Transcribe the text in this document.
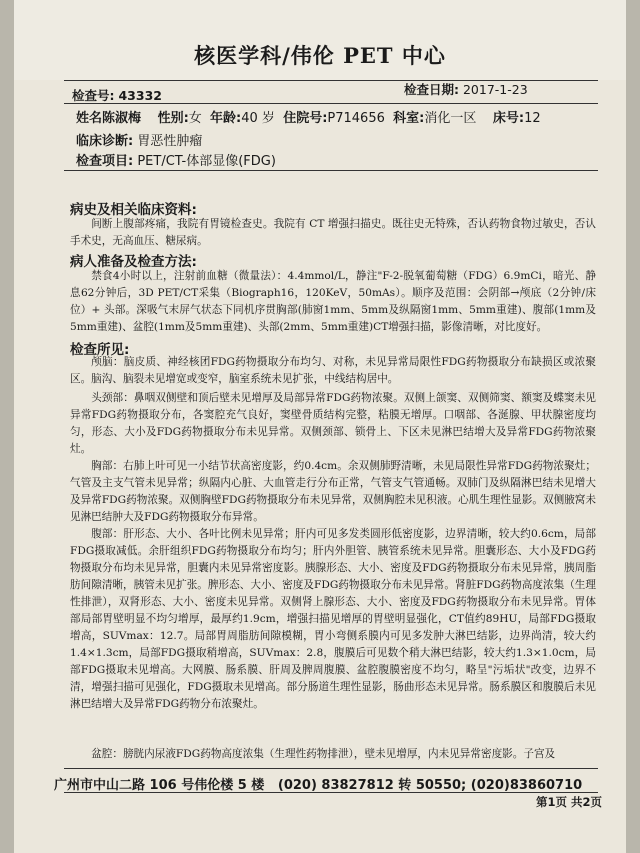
核医学科/伟伦 PET 中心
检查号: 43332	检查日期: 2017-1-23
姓名陈淑梅 性别:女 年龄:40 岁 住院号:P714656 科室:消化一区 床号:12
临床诊断: 胃恶性肿瘤
检查项目: PET/CT-体部显像(FDG)
病史及相关临床资料:
间断上腹部疼痛，我院有胃镜检查史。我院有 CT 增强扫描史。既往史无特殊，否认药物食物过敏史，否认手术史，无高血压、糖尿病。
病人准备及检查方法:
禁食4小时以上，注射前血糖（微量法）：4.4mmol/L，静注"F-2-脱氧葡萄糖（FDG）6.9mCi，暗光、静息62分钟后，3D PET/CT采集（Biograph16，120KeV，50mAs）。顺序及范围：会阴部→颅底（2分钟/床位）+ 头部。深吸气末屏气状态下同机序贯胸部(肺窗1mm、5mm及纵隔窗1mm、5mm重建)、腹部(1mm及5mm重建)、盆腔(1mm及5mm重建)、头部(2mm、5mm重建)CT增强扫描，影像清晰，对比度好。
检查所见:
颅脑：脑皮质、神经核团FDG药物摄取分布均匀、对称，未见异常局限性FDG药物摄取分布缺损区或浓聚区。脑沟、脑裂未见增宽或变窄，脑室系统未见扩张，中线结构居中。
头颈部：鼻咽双侧壁和顶后壁未见增厚及局部异常FDG药物浓聚。双侧上颌窦、双侧筛窦、额窦及蝶窦未见异常FDG药物摄取分布，各窦腔充气良好，窦壁骨质结构完整，粘膜无增厚。口咽部、各涎腺、甲状腺密度均匀，形态、大小及FDG药物摄取分布未见异常。双侧颈部、锁骨上、下区未见淋巴结增大及异常FDG药物浓聚灶。
胸部：右肺上叶可见一小结节状高密度影，约0.4cm。余双侧肺野清晰，未见局限性异常FDG药物浓聚灶；气管及主支气管未见异常；纵隔内心脏、大血管走行分布正常，气管支气管通畅。双肺门及纵隔淋巴结未见增大及异常FDG药物浓聚。双侧胸壁FDG药物摄取分布未见异常，双侧胸腔未见积液。心肌生理性显影。双侧腋窝未见淋巴结肿大及FDG药物摄取分布异常。
腹部：肝形态、大小、各叶比例未见异常；肝内可见多发类圆形低密度影，边界清晰，较大约0.6cm，局部FDG摄取减低。余肝组织FDG药物摄取分布均匀；肝内外胆管、胰管系统未见异常。胆囊形态、大小及FDG药物摄取分布均未见异常，胆囊内未见异常密度影。胰腺形态、大小、密度及FDG药物摄取分布未见异常，胰周脂肪间隙清晰，胰管未见扩张。脾形态、大小、密度及FDG药物摄取分布未见异常。肾脏FDG药物高度浓集（生理性排泄），双肾形态、大小、密度未见异常。双侧肾上腺形态、大小、密度及FDG药物摄取分布未见异常。胃体部局部胃壁明显不均匀增厚，最厚约1.9cm，增强扫描见增厚的胃壁明显强化，CT值约89HU，局部FDG摄取增高，SUVmax：12.7。局部胃周脂肪间隙模糊，胃小弯侧系膜内可见多发肿大淋巴结影，边界尚清，较大约1.4×1.3cm，局部FDG摄取稍增高，SUVmax：2.8，腹膜后可见数个稍大淋巴结影，较大约1.3×1.0cm，局部FDG摄取未见增高。大网膜、肠系膜、肝周及脾周腹膜、盆腔腹膜密度不均匀，略呈"污垢状"改变，边界不清，增强扫描可见强化，FDG摄取未见增高。部分肠道生理性显影，肠曲形态未见异常。肠系膜区和腹膜后未见淋巴结增大及异常FDG药物分布浓聚灶。
盆腔：膀胱内尿液FDG药物高度浓集（生理性药物排泄），壁未见增厚，内未见异常密度影。子宫及
广州市中山二路 106 号伟伦楼 5 楼 (020) 83827812 转 50550; (020)83860710
第1页 共2页
